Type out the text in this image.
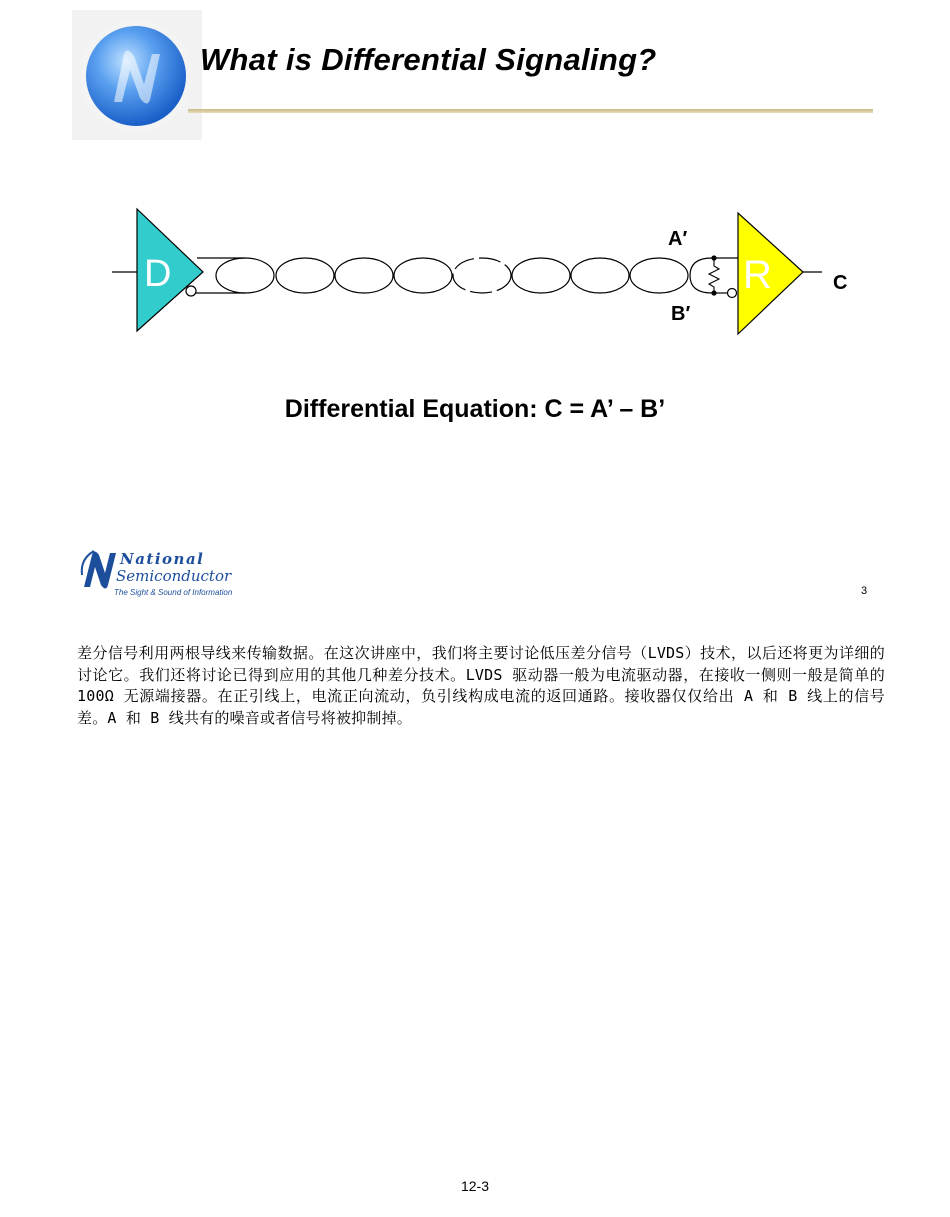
What is Differential Signaling?
D	R
A′
B′
C
Differential Equation: C = A’ – B’
National
Semiconductor
The Sight & Sound of Information	3
差分信号利用两根导线来传输数据。在这次讲座中，我们将主要讨论低压差分信号（LVDS）技术，以后还将更为详细的讨论它。我们还将讨论已得到应用的其他几种差分技术。LVDS 驱动器一般为电流驱动器，在接收一侧则一般是简单的 100Ω 无源端接器。在正引线上，电流正向流动，负引线构成电流的返回通路。接收器仅仅给出 A 和 B 线上的信号差。A 和 B 线共有的噪音或者信号将被抑制掉。
12-3
